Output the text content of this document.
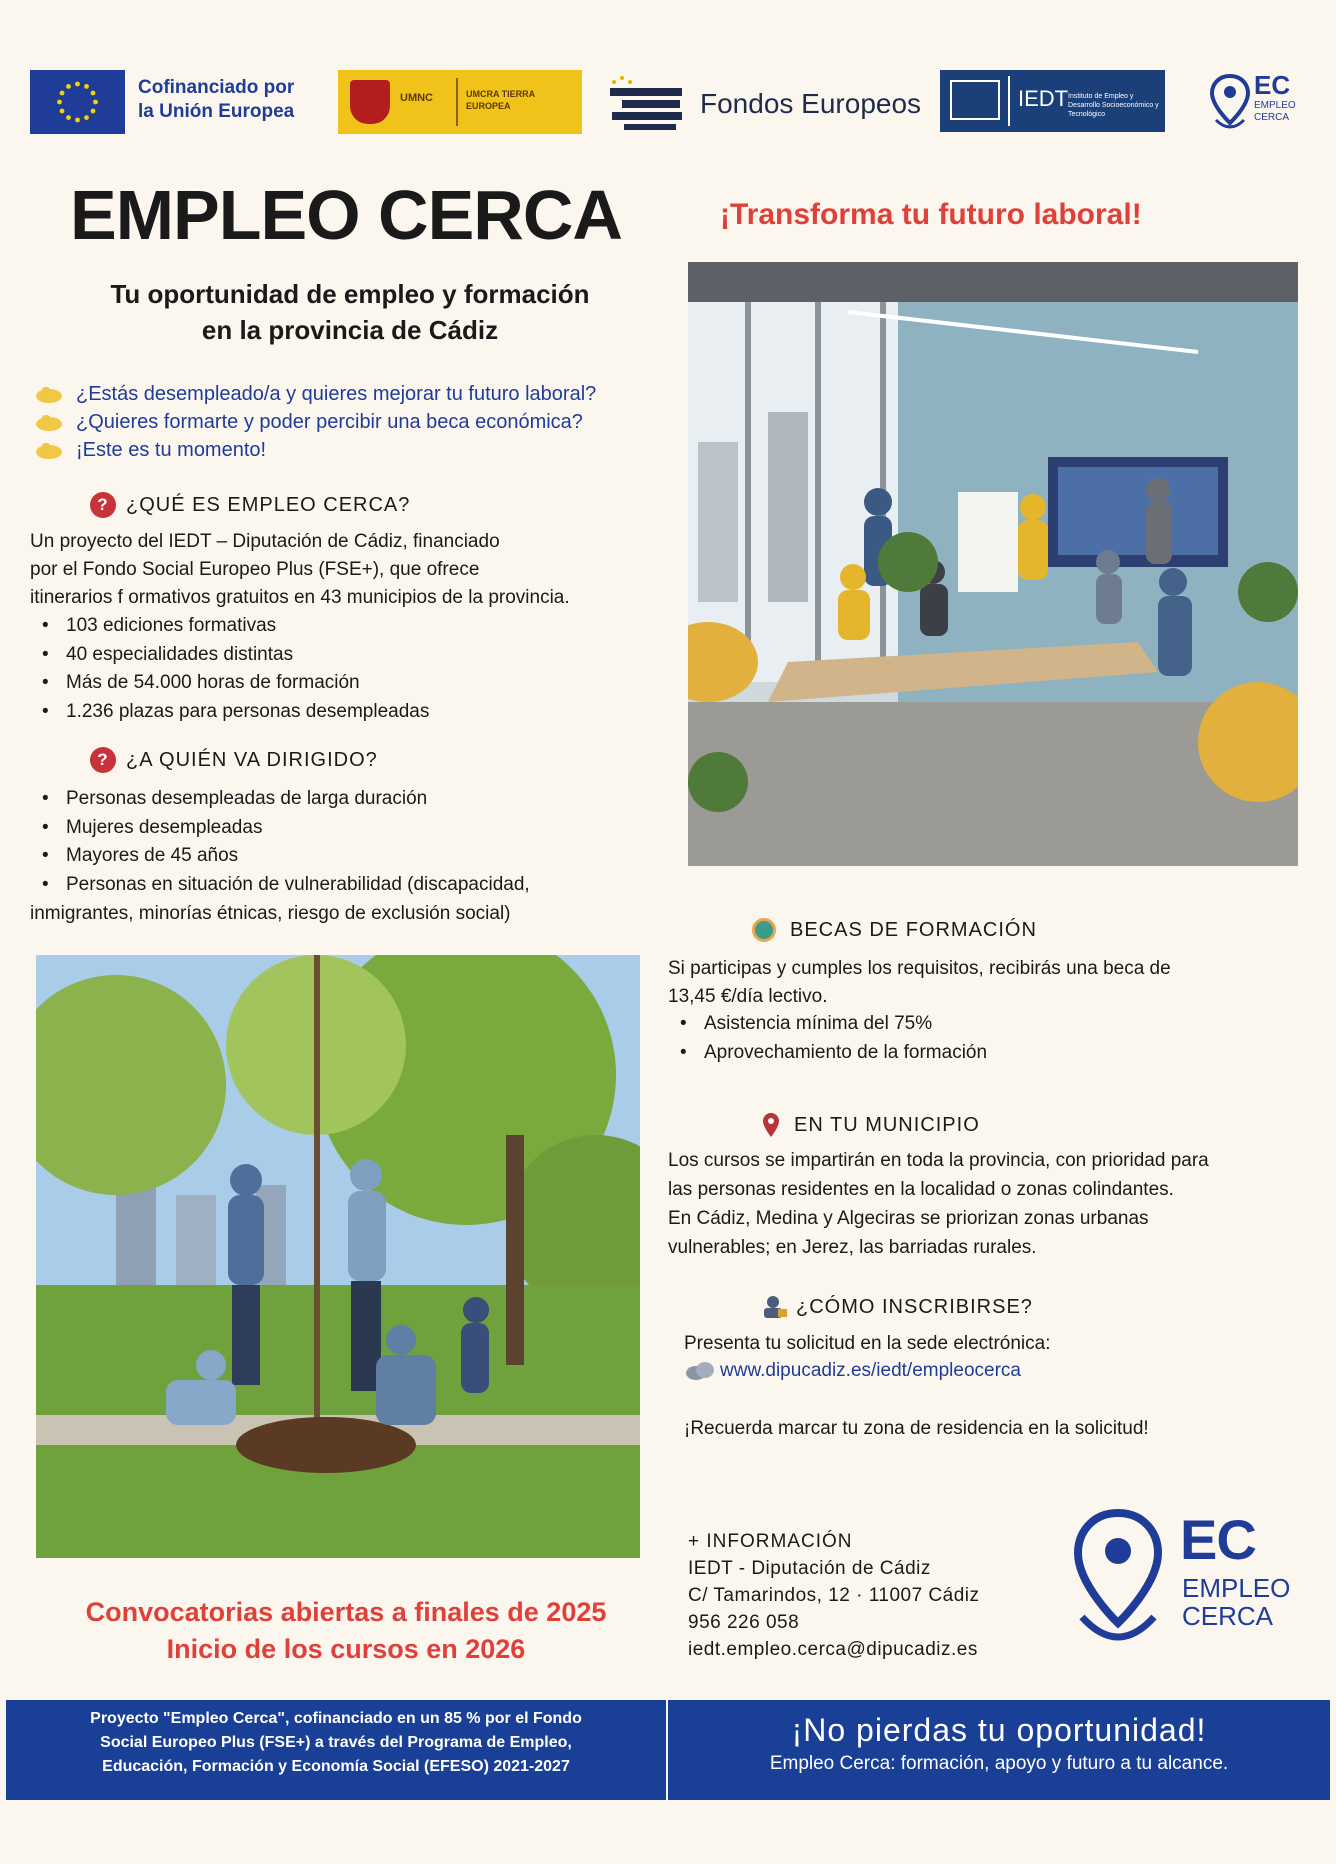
Cofinanciado por
la Unión Europea
UMNC	UMCRA TIERRA EUROPEA	Fondos Europeos	IEDT Instituto de Empleo y Desarrollo Socioeconómico y Tecnológico
EC
EMPLEO
CERCA
EMPLEO CERCA	¡Transforma tu futuro laboral!
Tu oportunidad de empleo y formación
en la provincia de Cádiz
¿Estás desempleado/a y quieres mejorar tu futuro laboral?
¿Quieres formarte y poder percibir una beca económica?
¡Este es tu momento!
? ¿QUÉ ES EMPLEO CERCA?
Un proyecto del IEDT – Diputación de Cádiz, financiado
por el Fondo Social Europeo Plus (FSE+), que ofrece
itinerarios f ormativos gratuitos en 43 municipios de la provincia.
• 103 ediciones formativas
• 40 especialidades distintas
• Más de 54.000 horas de formación
• 1.236 plazas para personas desempleadas
? ¿A QUIÉN VA DIRIGIDO?
• Personas desempleadas de larga duración
• Mujeres desempleadas
• Mayores de 45 años
• Personas en situación de vulnerabilidad (discapacidad,
inmigrantes, minorías étnicas, riesgo de exclusión social)
BECAS DE FORMACIÓN
Si participas y cumples los requisitos, recibirás una beca de
13,45 €/día lectivo.
• Asistencia mínima del 75%
• Aprovechamiento de la formación
EN TU MUNICIPIO
Los cursos se impartirán en toda la provincia, con prioridad para
las personas residentes en la localidad o zonas colindantes.
En Cádiz, Medina y Algeciras se priorizan zonas urbanas
vulnerables; en Jerez, las barriadas rurales.
¿CÓMO INSCRIBIRSE?
Presenta tu solicitud en la sede electrónica:
www.dipucadiz.es/iedt/empleocerca
¡Recuerda marcar tu zona de residencia en la solicitud!
+ INFORMACIÓN
IEDT - Diputación de Cádiz
C/ Tamarindos, 12 · 11007 Cádiz
956 226 058
iedt.empleo.cerca@dipucadiz.es
EC
EMPLEO
CERCA
Convocatorias abiertas a finales de 2025
Inicio de los cursos en 2026
Proyecto "Empleo Cerca", cofinanciado en un 85 % por el Fondo
Social Europeo Plus (FSE+) a través del Programa de Empleo,
Educación, Formación y Economía Social (EFESO) 2021-2027
¡No pierdas tu oportunidad!
Empleo Cerca: formación, apoyo y futuro a tu alcance.
